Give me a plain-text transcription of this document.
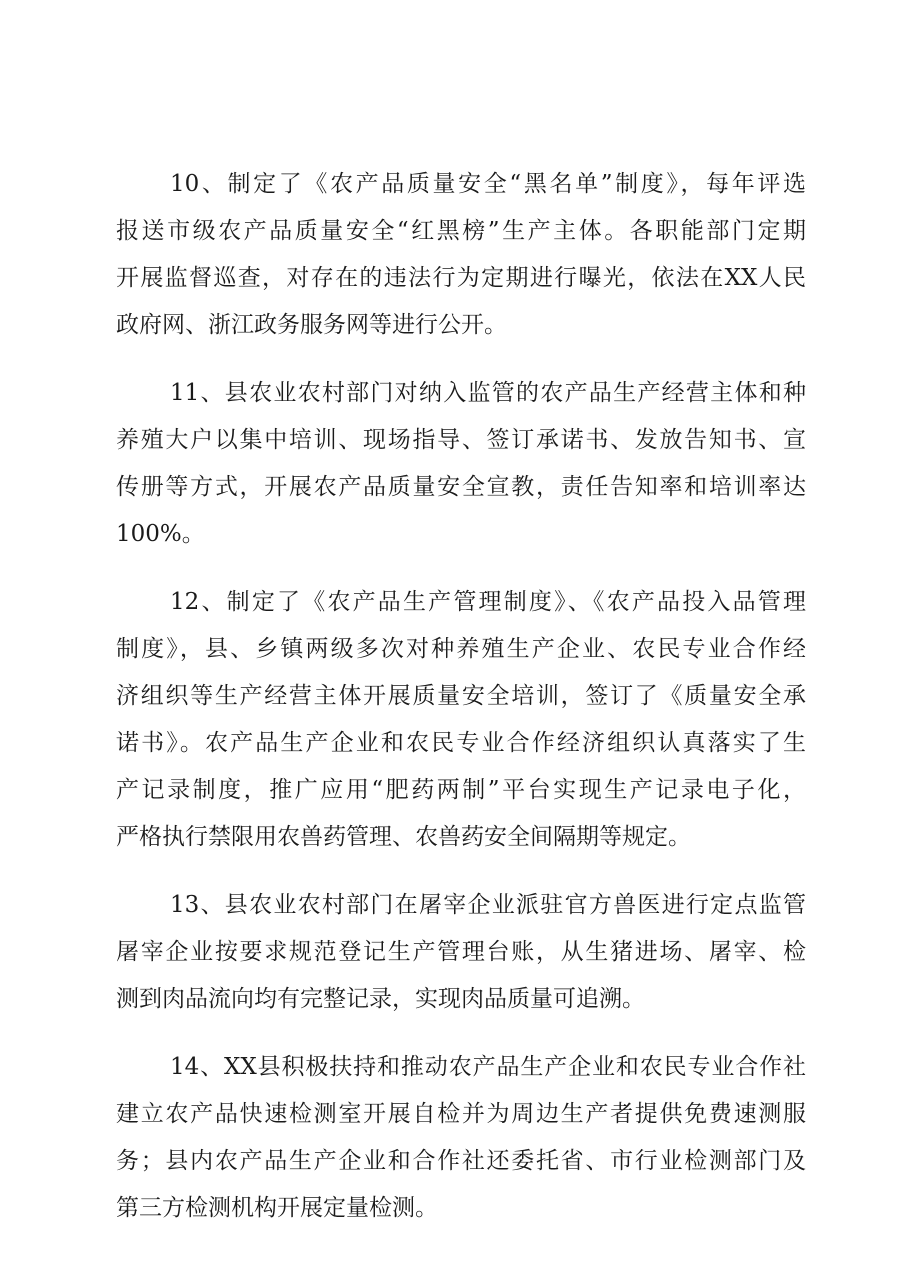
10、制定了《农产品质量安全“黑名单”制度》，每年评选
报送市级农产品质量安全“红黑榜”生产主体。各职能部门定期
开展监督巡查，对存在的违法行为定期进行曝光，依法在XX人民
政府网、浙江政务服务网等进行公开。
11、县农业农村部门对纳入监管的农产品生产经营主体和种
养殖大户以集中培训、现场指导、签订承诺书、发放告知书、宣
传册等方式，开展农产品质量安全宣教，责任告知率和培训率达
100%。
12、制定了《农产品生产管理制度》、《农产品投入品管理
制度》，县、乡镇两级多次对种养殖生产企业、农民专业合作经
济组织等生产经营主体开展质量安全培训，签订了《质量安全承
诺书》。农产品生产企业和农民专业合作经济组织认真落实了生
产记录制度，推广应用“肥药两制”平台实现生产记录电子化，
严格执行禁限用农兽药管理、农兽药安全间隔期等规定。
13、县农业农村部门在屠宰企业派驻官方兽医进行定点监管
屠宰企业按要求规范登记生产管理台账，从生猪进场、屠宰、检
测到肉品流向均有完整记录，实现肉品质量可追溯。
14、XX县积极扶持和推动农产品生产企业和农民专业合作社
建立农产品快速检测室开展自检并为周边生产者提供免费速测服
务；县内农产品生产企业和合作社还委托省、市行业检测部门及
第三方检测机构开展定量检测。
